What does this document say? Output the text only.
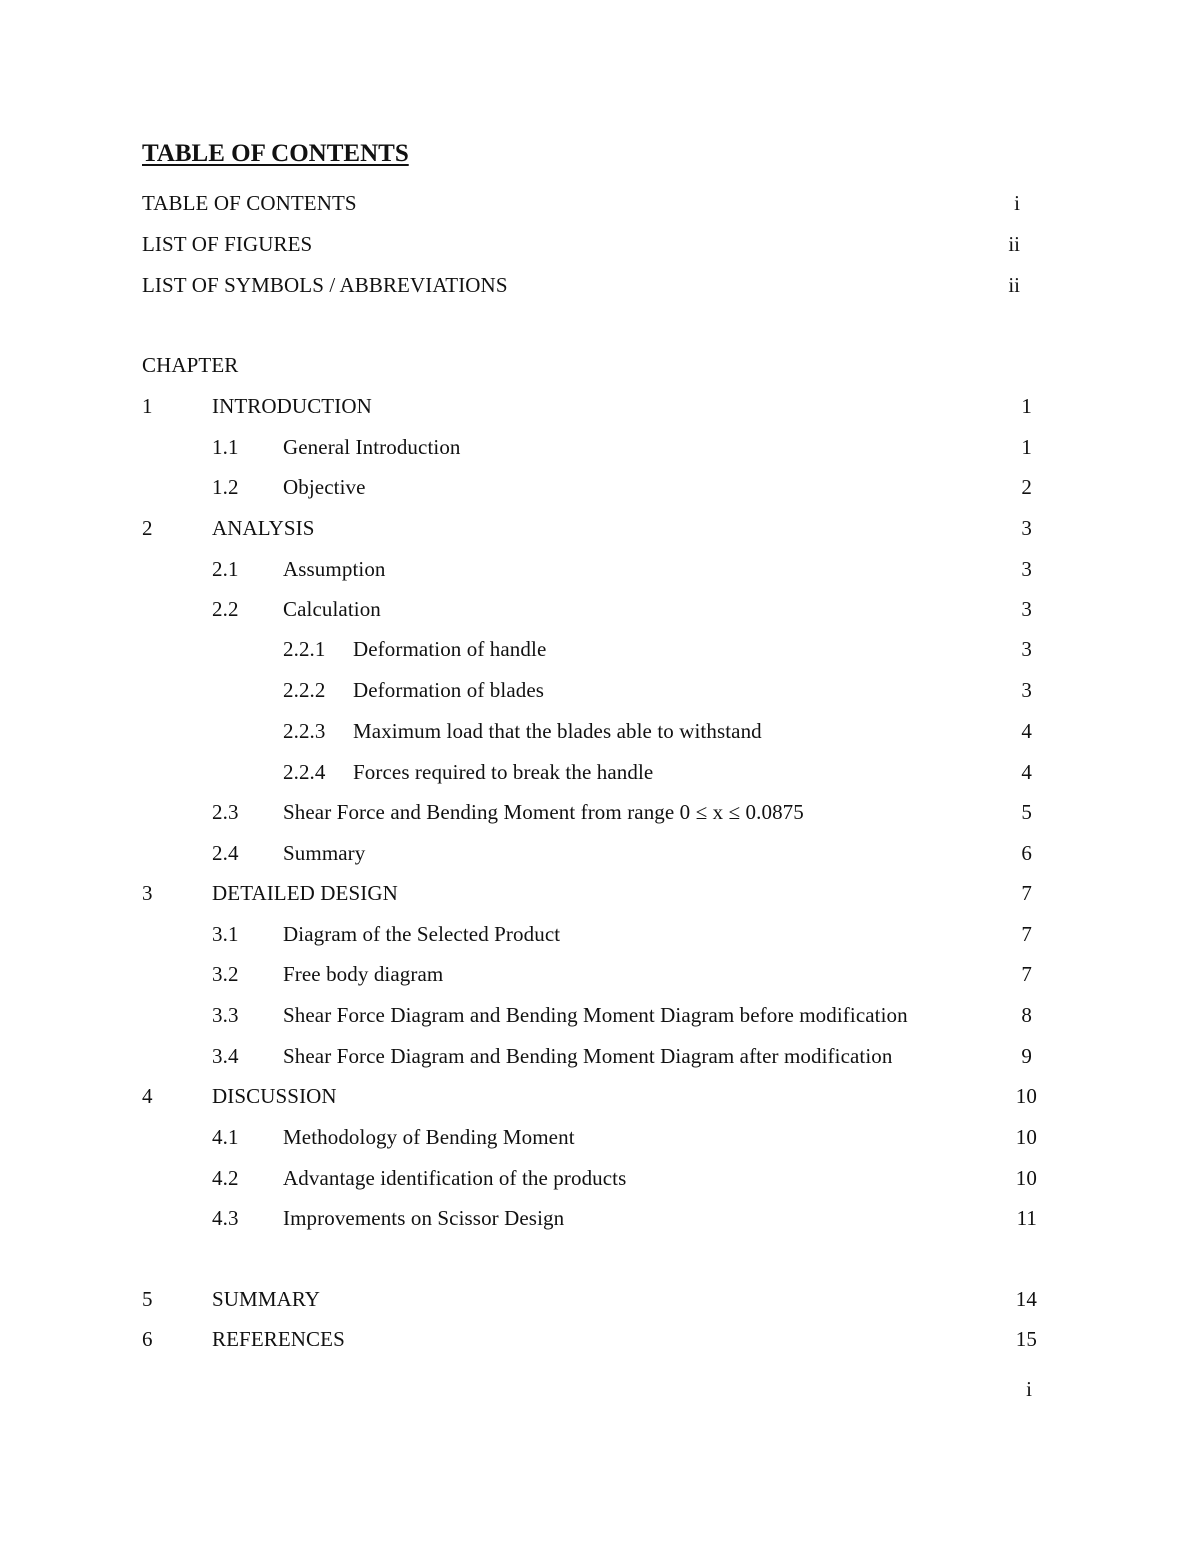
TABLE OF CONTENTS
TABLE OF CONTENTS	i
LIST OF FIGURES	ii
LIST OF SYMBOLS / ABBREVIATIONS	ii
CHAPTER
1	INTRODUCTION	1
1.1 General Introduction	1
1.2 Objective	2
2	ANALYSIS	3
2.1 Assumption	3
2.2 Calculation	3
2.2.1 Deformation of handle	3
2.2.2 Deformation of blades	3
2.2.3 Maximum load that the blades able to withstand	4
2.2.4 Forces required to break the handle	4
2.3 Shear Force and Bending Moment from range 0 ≤ x ≤ 0.0875	5
2.4 Summary	6
3	DETAILED DESIGN	7
3.1 Diagram of the Selected Product	7
3.2 Free body diagram	7
3.3 Shear Force Diagram and Bending Moment Diagram before modification	8
3.4 Shear Force Diagram and Bending Moment Diagram after modification	9
4	DISCUSSION	10
4.1 Methodology of Bending Moment	10
4.2 Advantage identification of the products	10
4.3 Improvements on Scissor Design	11
5	SUMMARY	14
6	REFERENCES	15
i
